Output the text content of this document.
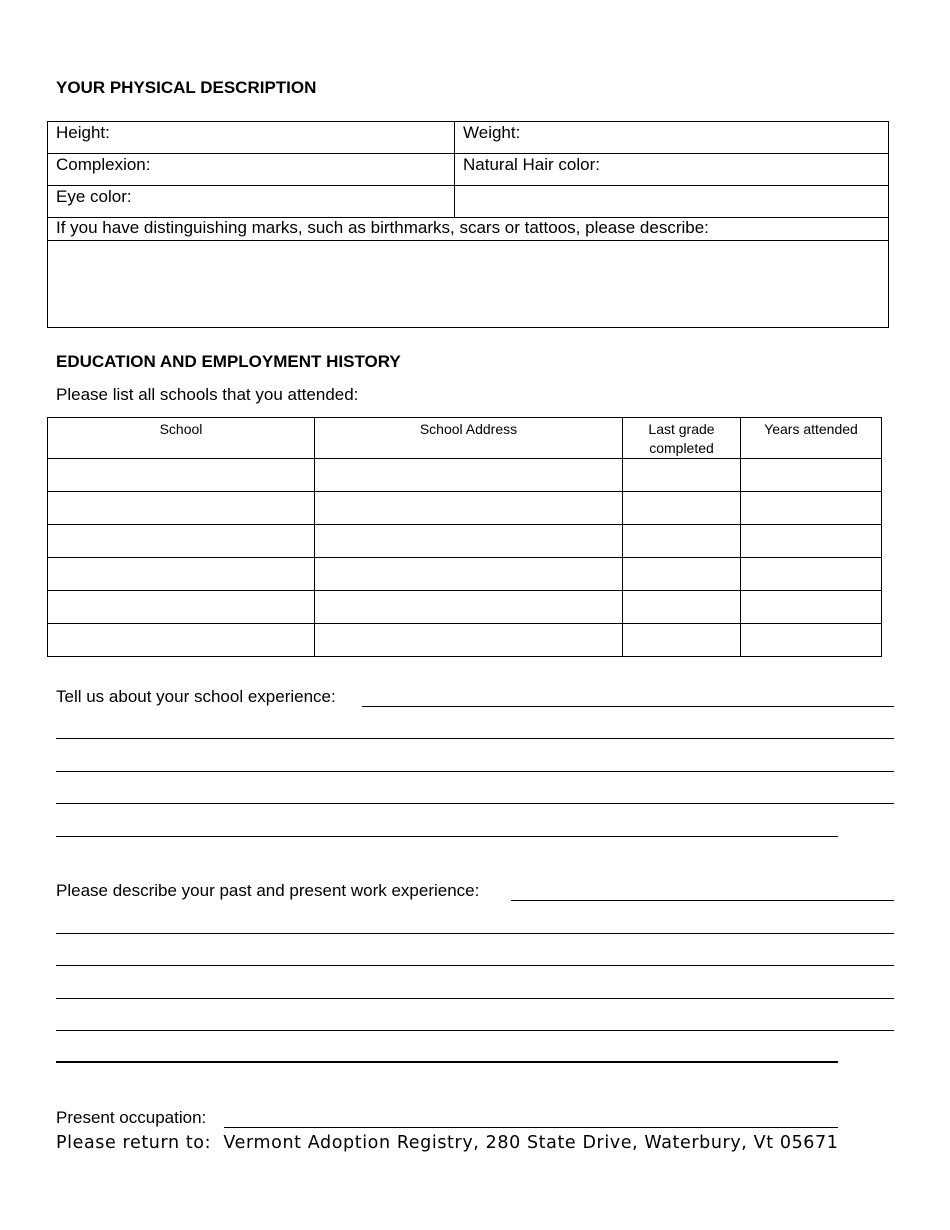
YOUR PHYSICAL DESCRIPTION
Height:	Weight:
Complexion:	Natural Hair color:
Eye color:	
If you have distinguishing marks, such as birthmarks, scars or tattoos, please describe:	

EDUCATION AND EMPLOYMENT HISTORY
Please list all schools that you attended:
School	School Address	Last grade completed	Years attended

Tell us about your school experience:
Please describe your past and present work experience:
Present occupation:
Please return to: Vermont Adoption Registry, 280 State Drive, Waterbury, Vt 05671
